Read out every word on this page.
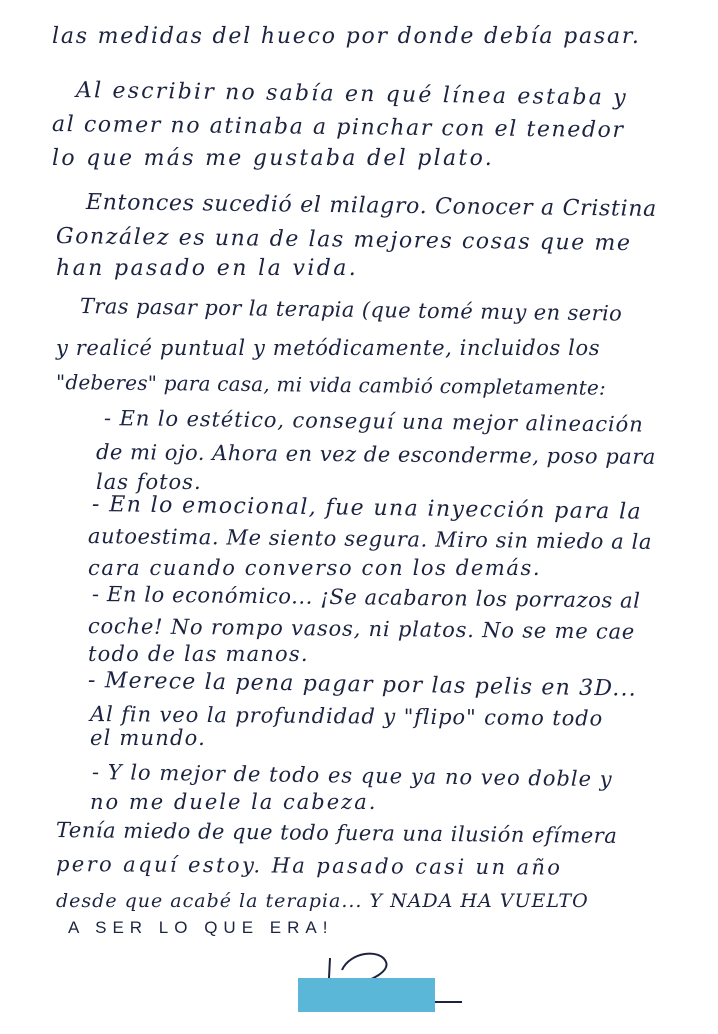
las medidas del hueco por donde debía pasar.
Al escribir no sabía en qué línea estaba y
al comer no atinaba a pinchar con el tenedor
lo que más me gustaba del plato.
Entonces sucedió el milagro. Conocer a Cristina
González es una de las mejores cosas que me
han pasado en la vida.
Tras pasar por la terapia (que tomé muy en serio
y realicé puntual y metódicamente, incluidos los
"deberes" para casa, mi vida cambió completamente:
- En lo estético, conseguí una mejor alineación
de mi ojo. Ahora en vez de esconderme, poso para
las fotos.
- En lo emocional, fue una inyección para la
autoestima. Me siento segura. Miro sin miedo a la
cara cuando converso con los demás.
- En lo económico... ¡Se acabaron los porrazos al
coche! No rompo vasos, ni platos. No se me cae
todo de las manos.
- Merece la pena pagar por las pelis en 3D...
Al fin veo la profundidad y "flipo" como todo
el mundo.
- Y lo mejor de todo es que ya no veo doble y
no me duele la cabeza.
Tenía miedo de que todo fuera una ilusión efímera
pero aquí estoy. Ha pasado casi un año
desde que acabé la terapia... Y NADA HA VUELTO
A SER LO QUE ERA!
